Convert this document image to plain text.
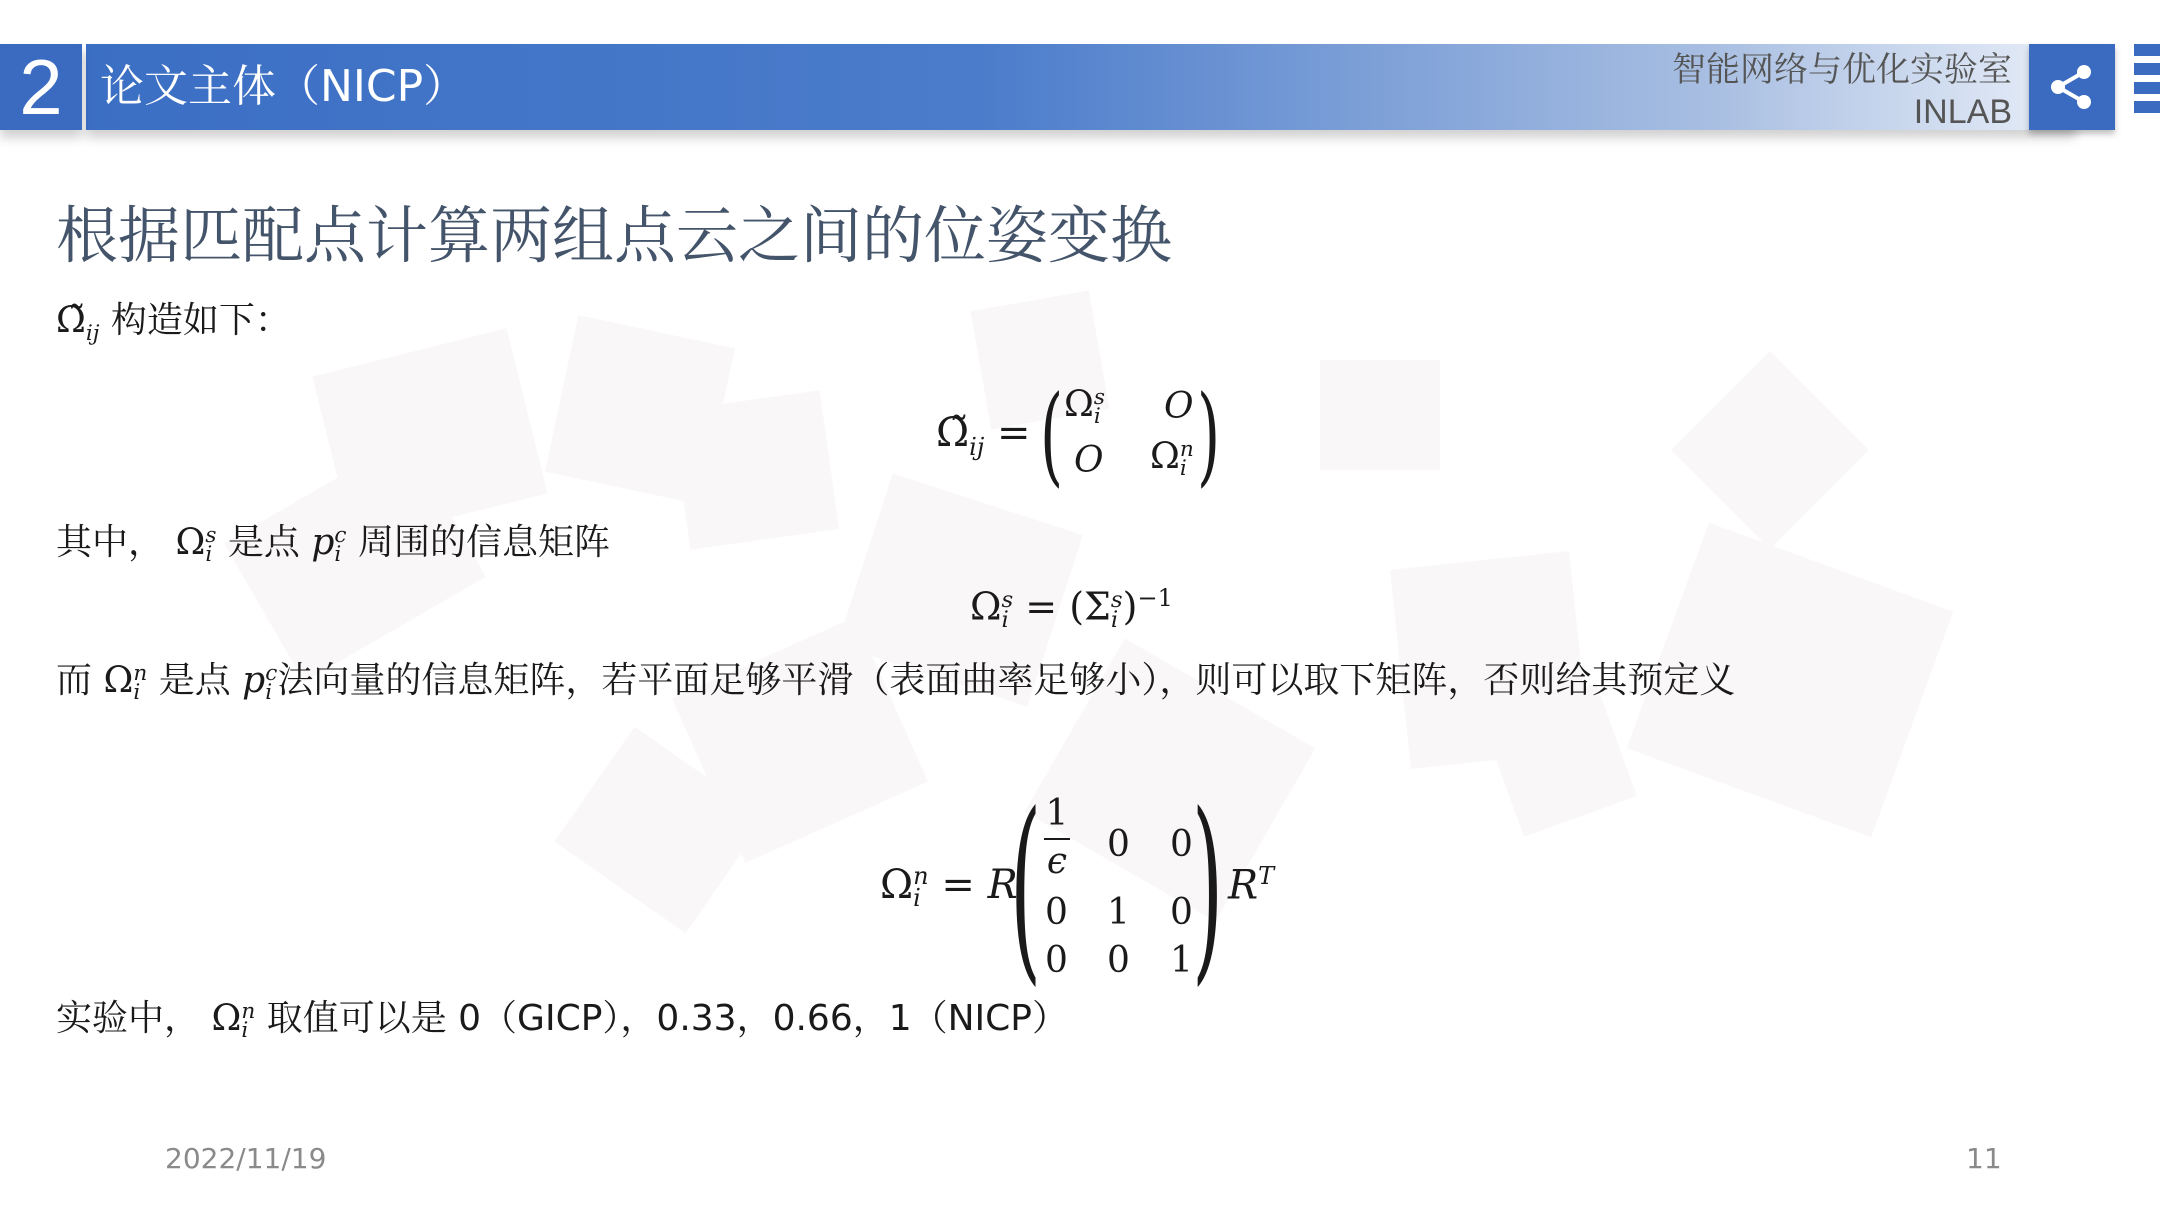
2 论文主体（NICP）	智能网络与优化实验室
INLAB
根据匹配点计算两组点云之间的位姿变换
$\Omegã_{ij}$ 构造如下：
$\Omegã_{ij}$ = ( )
Ω s
i O
O Ω n
i
其中， Ω s
i 是点 p c
i 周围的信息矩阵
Ω s
i = (Σ s
i )$^{-1}$
而 Ω n
i 是点 p c
i 法向量的信息矩阵，若平面足够平滑（表面曲率足够小），则可以取下矩阵，否则给其预定义
Ω n
i = R
( )
1
ϵ 0 0
0 1 0
0 0 1
$R^T$
实验中， Ω n
i 取值可以是 0（GICP），0.33，0.66，1（NICP）
2022/11/19	11
